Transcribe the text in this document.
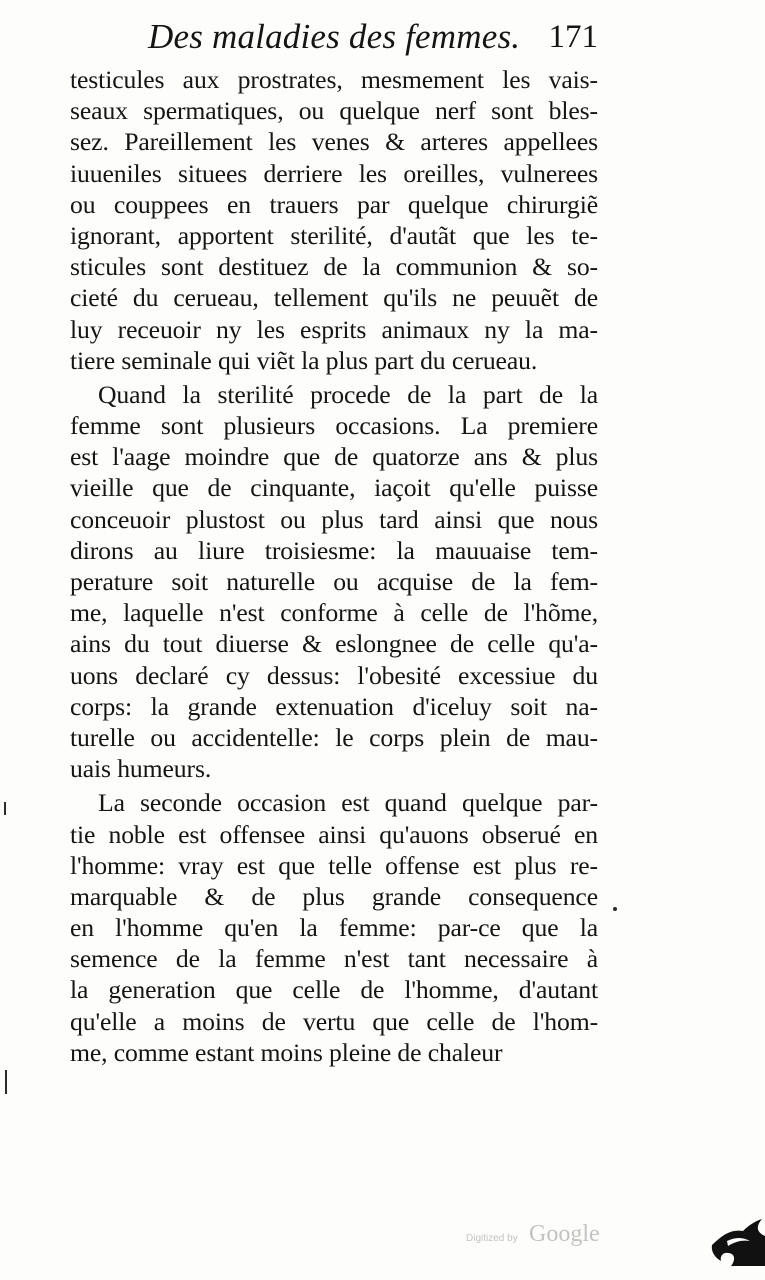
Des maladies des femmes. 171
testicules aux prostrates, mesmement les vais-
seaux spermatiques, ou quelque nerf sont bles-
sez. Pareillement les venes & arteres appellees
iuueniles situees derriere les oreilles, vulnerees
ou couppees en trauers par quelque chirurgiẽ
ignorant, apportent sterilité, d'autãt que les te-
sticules sont destituez de la communion & so-
cieté du cerueau, tellement qu'ils ne peuuẽt de
luy receuoir ny les esprits animaux ny la ma-
tiere seminale qui viẽt la plus part du cerueau.
Quand la sterilité procede de la part de la
femme sont plusieurs occasions. La premiere
est l'aage moindre que de quatorze ans & plus
vieille que de cinquante, iaçoit qu'elle puisse
conceuoir plustost ou plus tard ainsi que nous
dirons au liure troisiesme: la mauuaise tem-
perature soit naturelle ou acquise de la fem-
me, laquelle n'est conforme à celle de l'hõme,
ains du tout diuerse & eslongnee de celle qu'a-
uons declaré cy dessus: l'obesité excessiue du
corps: la grande extenuation d'iceluy soit na-
turelle ou accidentelle: le corps plein de mau-
uais humeurs.
La seconde occasion est quand quelque par-
tie noble est offensee ainsi qu'auons obserué en
l'homme: vray est que telle offense est plus re-
marquable & de plus grande consequence
en l'homme qu'en la femme: par-ce que la
semence de la femme n'est tant necessaire à
la generation que celle de l'homme, d'autant
qu'elle a moins de vertu que celle de l'hom-
me, comme estant moins pleine de chaleur
Digitized by Google
